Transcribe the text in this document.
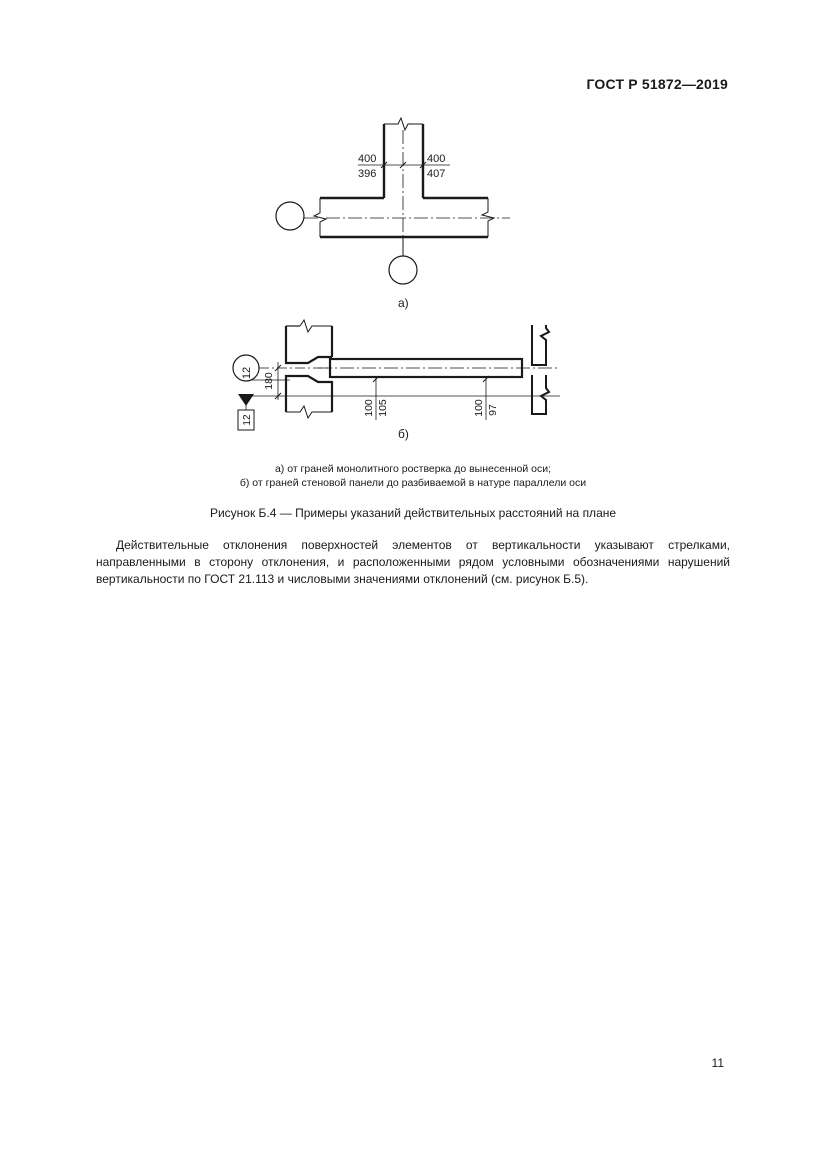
ГОСТ Р 51872—2019
400
396
400
407
а)
12
12
180
100 105	100 97
б)
а) от граней монолитного ростверка до вынесенной оси;
б) от граней стеновой панели до разбиваемой в натуре параллели оси
Рисунок Б.4 — Примеры указаний действительных расстояний на плане
Действительные отклонения поверхностей элементов от вертикальности указывают стрелками, направленными в сторону отклонения, и расположенными рядом условными обозначениями нарушений вертикальности по ГОСТ 21.113 и числовыми значениями отклонений (см. рисунок Б.5).
11
